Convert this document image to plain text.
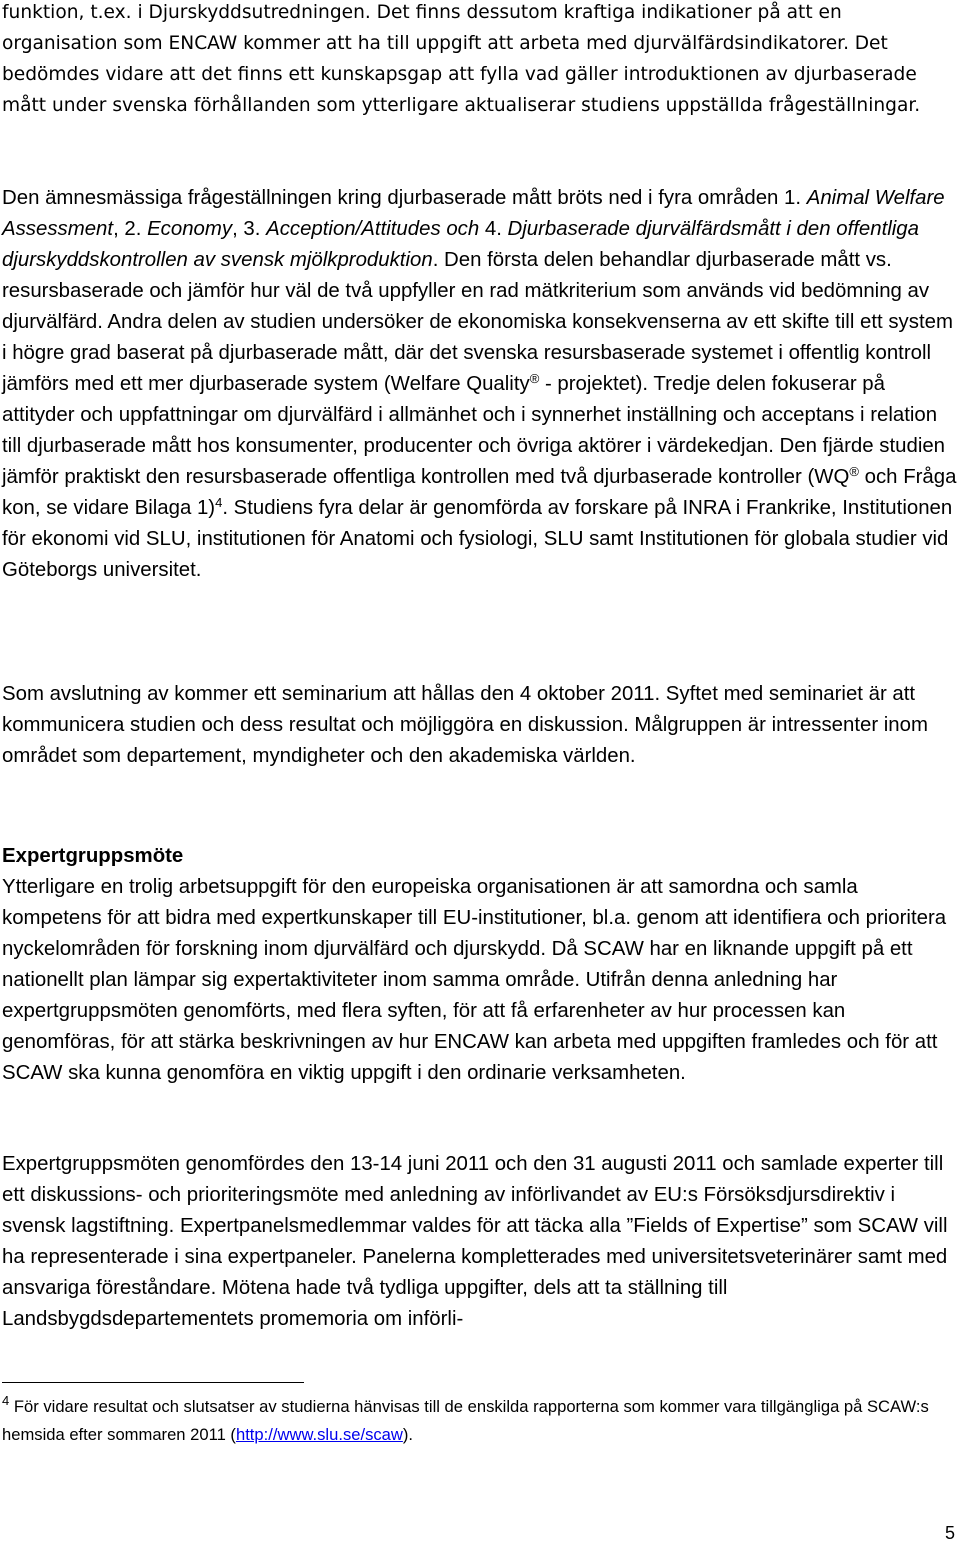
funktion, t.ex. i Djurskyddsutredningen. Det finns dessutom kraftiga indikationer på att en organisation som ENCAW kommer att ha till uppgift att arbeta med djurvälfärdsindikatorer. Det bedömdes vidare att det finns ett kunskapsgap att fylla vad gäller introduktionen av djurbaserade mått under svenska förhållanden som ytterligare aktualiserar studiens uppställda frågeställningar.

Den ämnesmässiga frågeställningen kring djurbaserade mått bröts ned i fyra områden 1. Animal Welfare Assessment, 2. Economy, 3. Acception/Attitudes och 4. Djurbaserade djurvälfärdsmått i den offentliga djurskyddskontrollen av svensk mjölkproduktion. Den första delen behandlar djurbaserade mått vs. resursbaserade och jämför hur väl de två uppfyller en rad mätkriterium som används vid bedömning av djurvälfärd. Andra delen av studien undersöker de ekonomiska konsekvenserna av ett skifte till ett system i högre grad baserat på djurbaserade mått, där det svenska resursbaserade systemet i offentlig kontroll jämförs med ett mer djurbaserade system (Welfare Quality® - projektet). Tredje delen fokuserar på attityder och uppfattningar om djurvälfärd i allmänhet och i synnerhet inställning och acceptans i relation till djurbaserade mått hos konsumenter, producenter och övriga aktörer i värdekedjan. Den fjärde studien jämför praktiskt den resursbaserade offentliga kontrollen med två djurbaserade kontroller (WQ® och Fråga kon, se vidare Bilaga 1)$^4$. Studiens fyra delar är genomförda av forskare på INRA i Frankrike, Institutionen för ekonomi vid SLU, institutionen för Anatomi och fysiologi, SLU samt Institutionen för globala studier vid Göteborgs universitet.

Som avslutning av kommer ett seminarium att hållas den 4 oktober 2011. Syftet med seminariet är att kommunicera studien och dess resultat och möjliggöra en diskussion. Målgruppen är intressenter inom området som departement, myndigheter och den akademiska världen.

Expertgruppsmöte

Ytterligare en trolig arbetsuppgift för den europeiska organisationen är att samordna och samla kompetens för att bidra med expertkunskaper till EU-institutioner, bl.a. genom att identifiera och prioritera nyckelområden för forskning inom djurvälfärd och djurskydd. Då SCAW har en liknande uppgift på ett nationellt plan lämpar sig expertaktiviteter inom samma område. Utifrån denna anledning har expertgruppsmöten genomförts, med flera syften, för att få erfarenheter av hur processen kan genomföras, för att stärka beskrivningen av hur ENCAW kan arbeta med uppgiften framledes och för att SCAW ska kunna genomföra en viktig uppgift i den ordinarie verksamheten.

Expertgruppsmöten genomfördes den 13-14 juni 2011 och den 31 augusti 2011 och samlade experter till ett diskussions- och prioriteringsmöte med anledning av införlivandet av EU:s Försöksdjursdirektiv i svensk lagstiftning. Expertpanelsmedlemmar valdes för att täcka alla ”Fields of Expertise” som SCAW vill ha representerade i sina expertpaneler. Panelerna kompletterades med universitetsveterinärer samt med ansvariga föreståndare. Mötena hade två tydliga uppgifter, dels att ta ställning till Landsbygdsdepartementets promemoria om införli-

$^4$ För vidare resultat och slutsatser av studierna hänvisas till de enskilda rapporterna som kommer vara tillgängliga på SCAW:s hemsida efter sommaren 2011 (http://www.slu.se/scaw).

5
